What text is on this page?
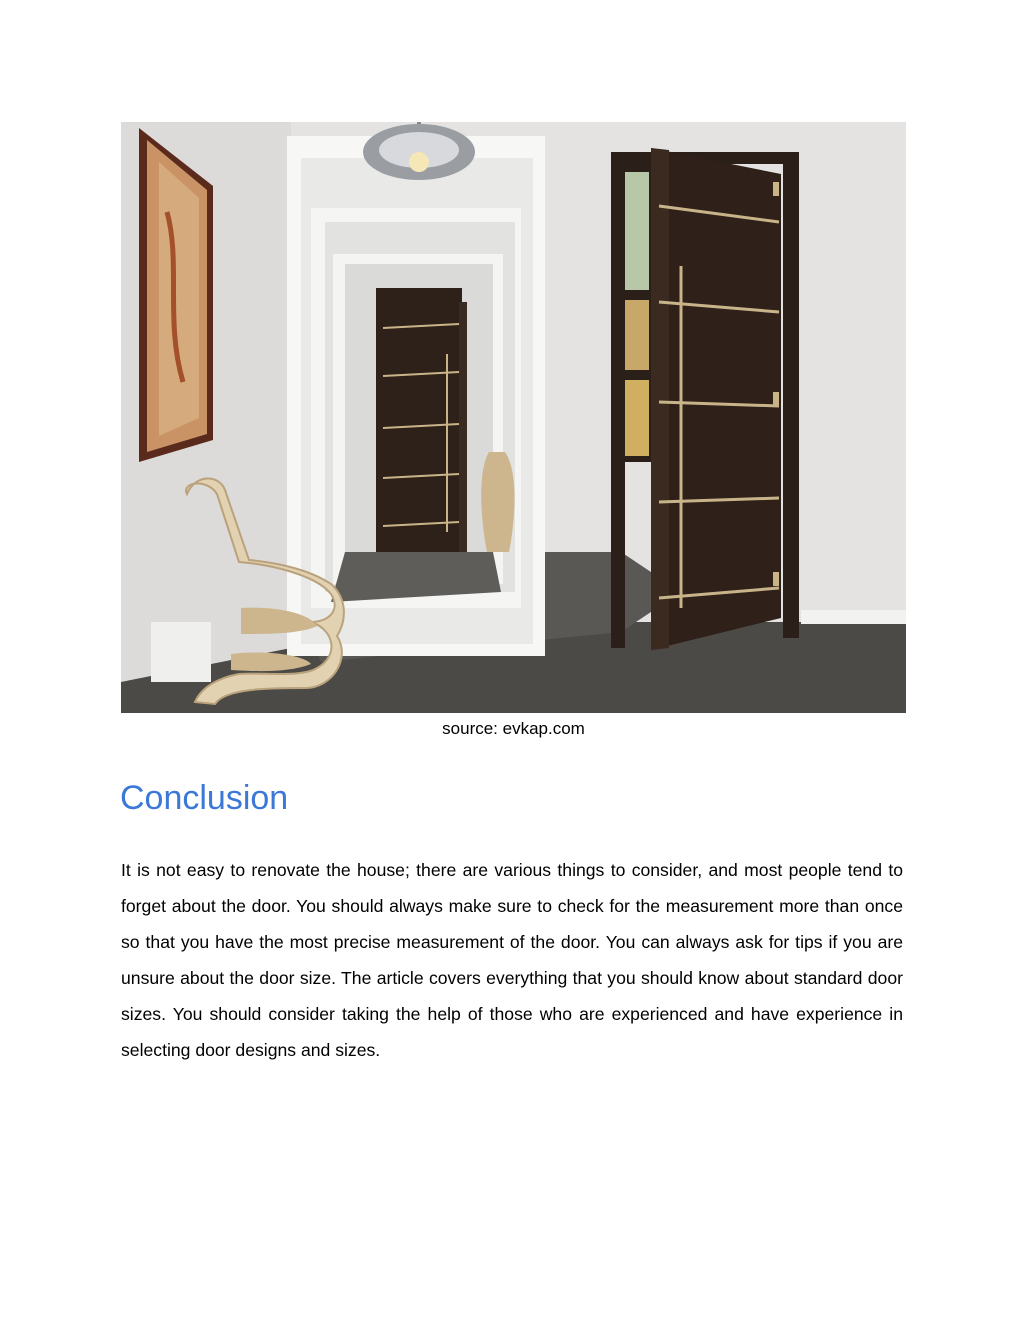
source: evkap.com
Conclusion

It is not easy to renovate the house; there are various things to consider, and most people tend to forget about the door. You should always make sure to check for the measurement more than once so that you have the most precise measurement of the door. You can always ask for tips if you are unsure about the door size. The article covers everything that you should know about standard door sizes. You should consider taking the help of those who are experienced and have experience in selecting door designs and sizes.
